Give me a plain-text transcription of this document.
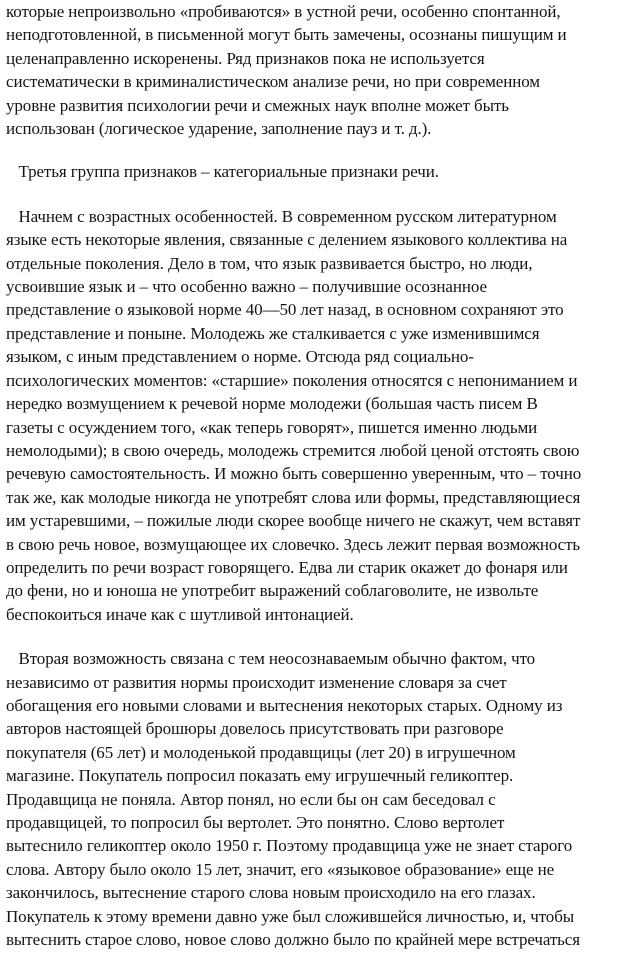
которые непроизвольно «пробиваются» в устной речи, особенно спонтанной,
неподготовленной, в письменной могут быть замечены, осознаны пишущим и
целенаправленно искоренены. Ряд признаков пока не используется
систематически в криминалистическом анализе речи, но при современном
уровне развития психологии речи и смежных наук вполне может быть
использован (логическое ударение, заполнение пауз и т. д.).

Третья группа признаков – категориальные признаки речи.

Начнем с возрастных особенностей. В современном русском литературном
языке есть некоторые явления, связанные с делением языкового коллектива на
отдельные поколения. Дело в том, что язык развивается быстро, но люди,
усвоившие язык и – что особенно важно – получившие осознанное
представление о языковой норме 40—50 лет назад, в основном сохраняют это
представление и поныне. Молодежь же сталкивается с уже изменившимся
языком, с иным представлением о норме. Отсюда ряд социально-
психологических моментов: «старшие» поколения относятся с непониманием и
нередко возмущением к речевой норме молодежи (большая часть писем В
газеты с осуждением того, «как теперь говорят», пишется именно людьми
немолодыми); в свою очередь, молодежь стремится любой ценой отстоять свою
речевую самостоятельность. И можно быть совершенно уверенным, что – точно
так же, как молодые никогда не употребят слова или формы, представляющиеся
им устаревшими, – пожилые люди скорее вообще ничего не скажут, чем вставят
в свою речь новое, возмущающее их словечко. Здесь лежит первая возможность
определить по речи возраст говорящего. Едва ли старик окажет до фонаря или
до фени, но и юноша не употребит выражений соблаговолите, не извольте
беспокоиться иначе как с шутливой интонацией.

Вторая возможность связана с тем неосознаваемым обычно фактом, что
независимо от развития нормы происходит изменение словаря за счет
обогащения его новыми словами и вытеснения некоторых старых. Одному из
авторов настоящей брошюры довелось присутствовать при разговоре
покупателя (65 лет) и молоденькой продавщицы (лет 20) в игрушечном
магазине. Покупатель попросил показать ему игрушечный геликоптер.
Продавщица не поняла. Автор понял, но если бы он сам беседовал с
продавщицей, то попросил бы вертолет. Это понятно. Слово вертолет
вытеснило геликоптер около 1950 г. Поэтому продавщица уже не знает старого
слова. Автору было около 15 лет, значит, его «языковое образование» еще не
закончилось, вытеснение старого слова новым происходило на его глазах.
Покупатель к этому времени давно уже был сложившейся личностью, и, чтобы
вытеснить старое слово, новое слово должно было по крайней мере встречаться
